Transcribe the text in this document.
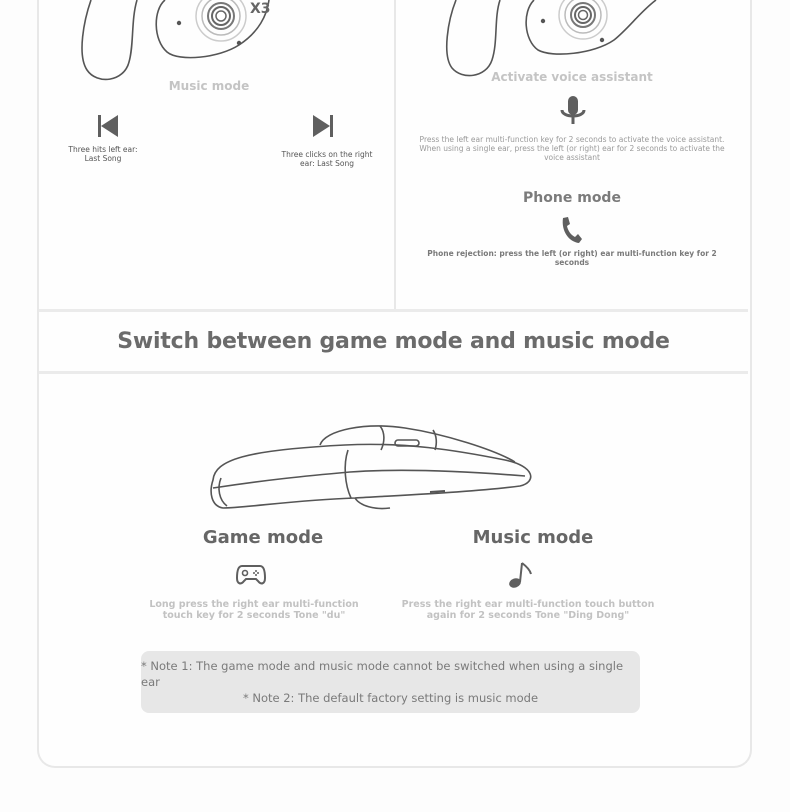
X3
Music mode
Three hits left ear:
Last Song	Three clicks on the right
ear: Last Song
Activate voice assistant
Press the left ear multi-function key for 2 seconds to activate the voice assistant.
When using a single ear, press the left (or right) ear for 2 seconds to activate the
voice assistant
Phone mode
Phone rejection: press the left (or right) ear multi-function key for 2
seconds
Switch between game mode and music mode
Game mode
Long press the right ear multi-function
touch key for 2 seconds Tone "du"
Music mode
Press the right ear multi-function touch button
again for 2 seconds Tone "Ding Dong"
* Note 1: The game mode and music mode cannot be switched when using a single ear
* Note 2: The default factory setting is music mode
